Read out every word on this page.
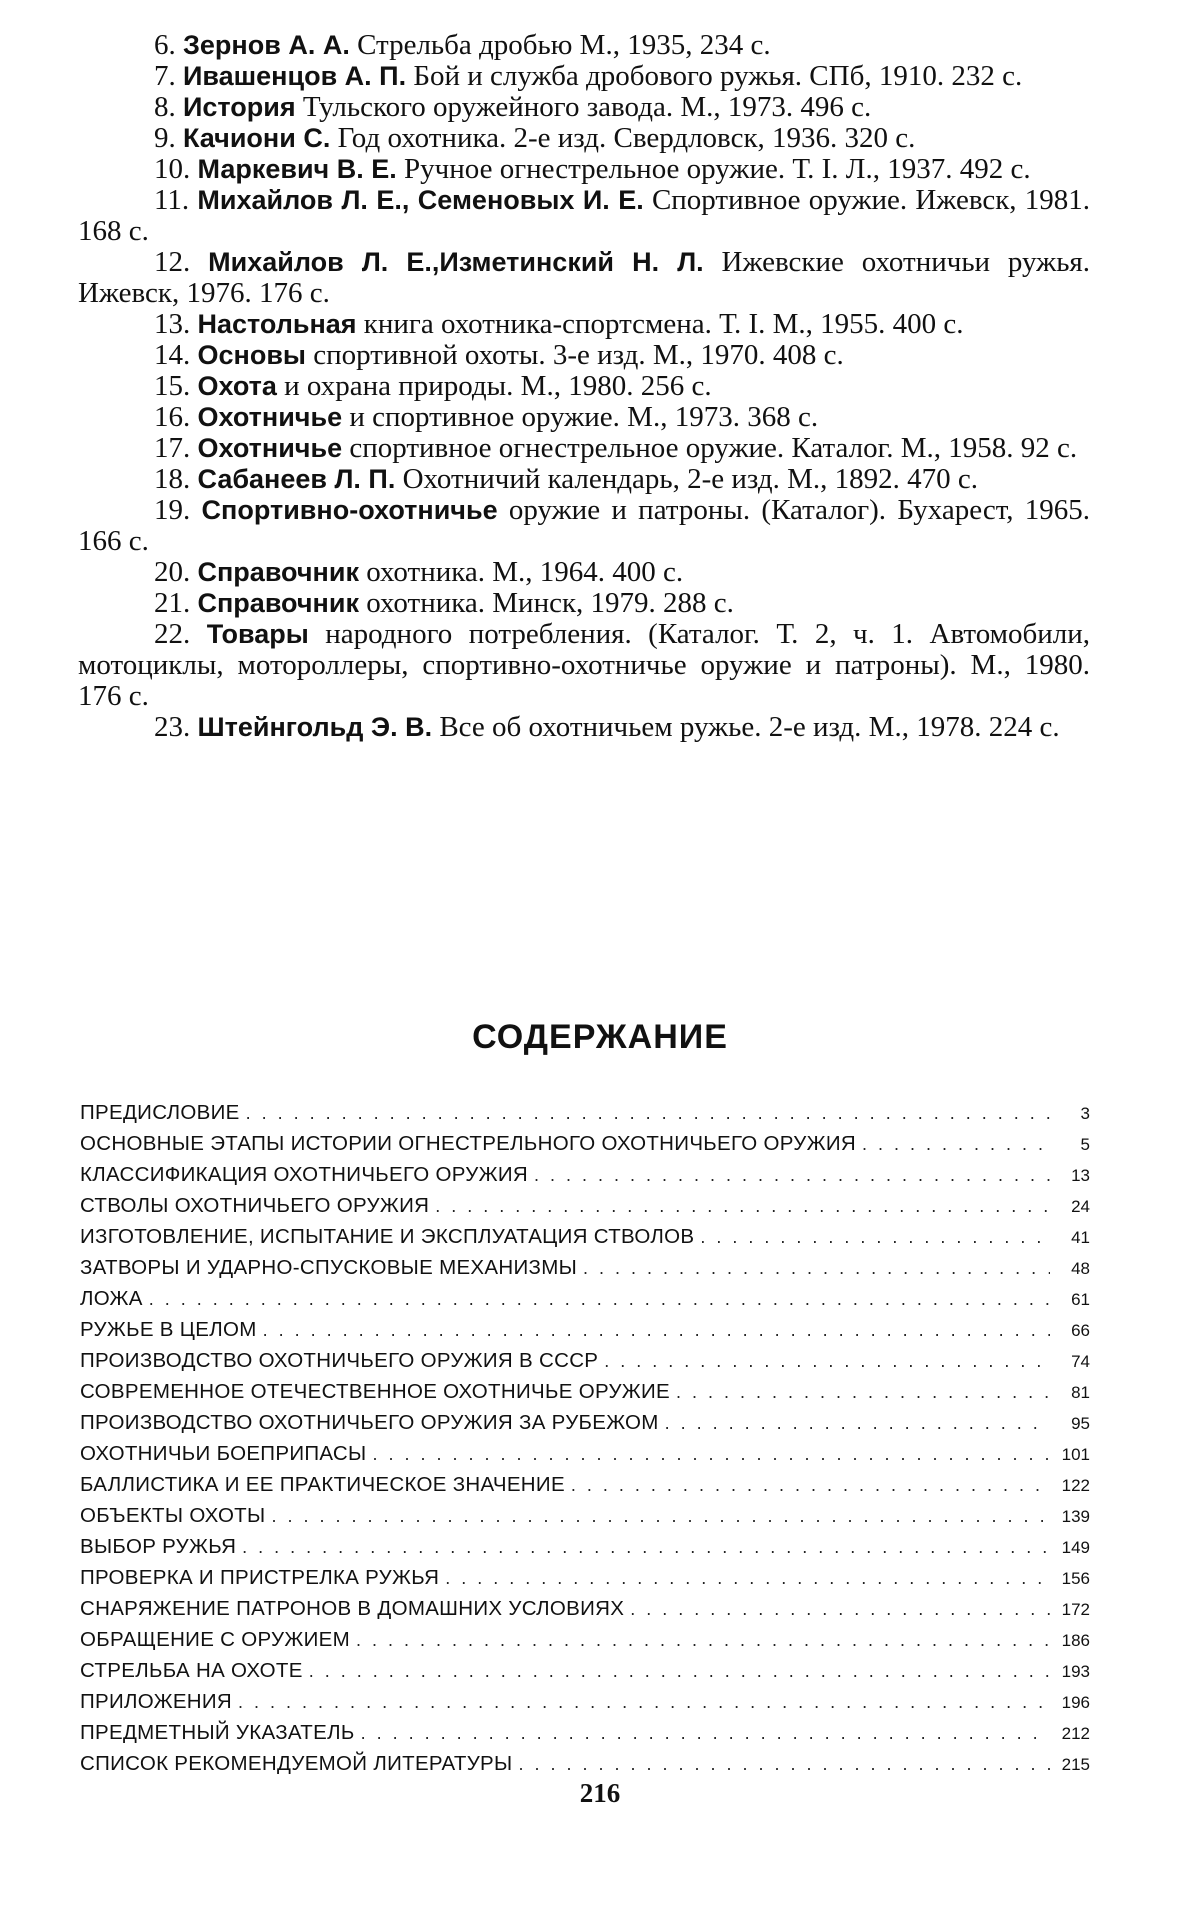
6. Зернов А. А. Стрельба дробью М., 1935, 234 с.
7. Ивашенцов А. П. Бой и служба дробового ружья. СПб, 1910. 232 с.
8. История Тульского оружейного завода. М., 1973. 496 с.
9. Качиони С. Год охотника. 2-е изд. Свердловск, 1936. 320 с.
10. Маркевич В. Е. Ручное огнестрельное оружие. Т. I. Л., 1937. 492 с.
11. Михайлов Л. Е., Семеновых И. Е. Спортивное оружие. Ижевск, 1981. 168 с.
12. Михайлов Л. Е.,Изметинский Н. Л. Ижевские охотничьи ружья. Ижевск, 1976. 176 с.
13. Настольная книга охотника-спортсмена. Т. I. М., 1955. 400 с.
14. Основы спортивной охоты. 3-е изд. М., 1970. 408 с.
15. Охота и охрана природы. М., 1980. 256 с.
16. Охотничье и спортивное оружие. М., 1973. 368 с.
17. Охотничье спортивное огнестрельное оружие. Каталог. М., 1958. 92 с.
18. Сабанеев Л. П. Охотничий календарь, 2-е изд. М., 1892. 470 с.
19. Спортивно-охотничье оружие и патроны. (Каталог). Бухарест, 1965. 166 с.
20. Справочник охотника. М., 1964. 400 с.
21. Справочник охотника. Минск, 1979. 288 с.
22. Товары народного потребления. (Каталог. Т. 2, ч. 1. Автомобили, мотоциклы, мотороллеры, спортивно-охотничье оружие и патроны). М., 1980. 176 с.
23. Штейнгольд Э. В. Все об охотничьем ружье. 2-е изд. М., 1978. 224 с.
СОДЕРЖАНИЕ
ПРЕДИСЛОВИЕ . . .	3
ОСНОВНЫЕ ЭТАПЫ ИСТОРИИ ОГНЕСТРЕЛЬНОГО ОХОТНИЧЬЕГО ОРУЖИЯ . . .	5
КЛАССИФИКАЦИЯ ОХОТНИЧЬЕГО ОРУЖИЯ . . .	13
СТВОЛЫ ОХОТНИЧЬЕГО ОРУЖИЯ . . .	24
ИЗГОТОВЛЕНИЕ, ИСПЫТАНИЕ И ЭКСПЛУАТАЦИЯ СТВОЛОВ . . .	41
ЗАТВОРЫ И УДАРНО-СПУСКОВЫЕ МЕХАНИЗМЫ . . .	48
ЛОЖА . . .	61
РУЖЬЕ В ЦЕЛОМ . . .	66
ПРОИЗВОДСТВО ОХОТНИЧЬЕГО ОРУЖИЯ В СССР . . .	74
СОВРЕМЕННОЕ ОТЕЧЕСТВЕННОЕ ОХОТНИЧЬЕ ОРУЖИЕ . . .	81
ПРОИЗВОДСТВО ОХОТНИЧЬЕГО ОРУЖИЯ ЗА РУБЕЖОМ . . .	95
ОХОТНИЧЬИ БОЕПРИПАСЫ . . .	101
БАЛЛИСТИКА И ЕЕ ПРАКТИЧЕСКОЕ ЗНАЧЕНИЕ . . .	122
ОБЪЕКТЫ ОХОТЫ . . .	139
ВЫБОР РУЖЬЯ . . .	149
ПРОВЕРКА И ПРИСТРЕЛКА РУЖЬЯ . . .	156
СНАРЯЖЕНИЕ ПАТРОНОВ В ДОМАШНИХ УСЛОВИЯХ . . .	172
ОБРАЩЕНИЕ С ОРУЖИЕМ . . .	186
СТРЕЛЬБА НА ОХОТЕ . . .	193
ПРИЛОЖЕНИЯ . . .	196
ПРЕДМЕТНЫЙ УКАЗАТЕЛЬ . . .	212
СПИСОК РЕКОМЕНДУЕМОЙ ЛИТЕРАТУРЫ . . .	215
216
